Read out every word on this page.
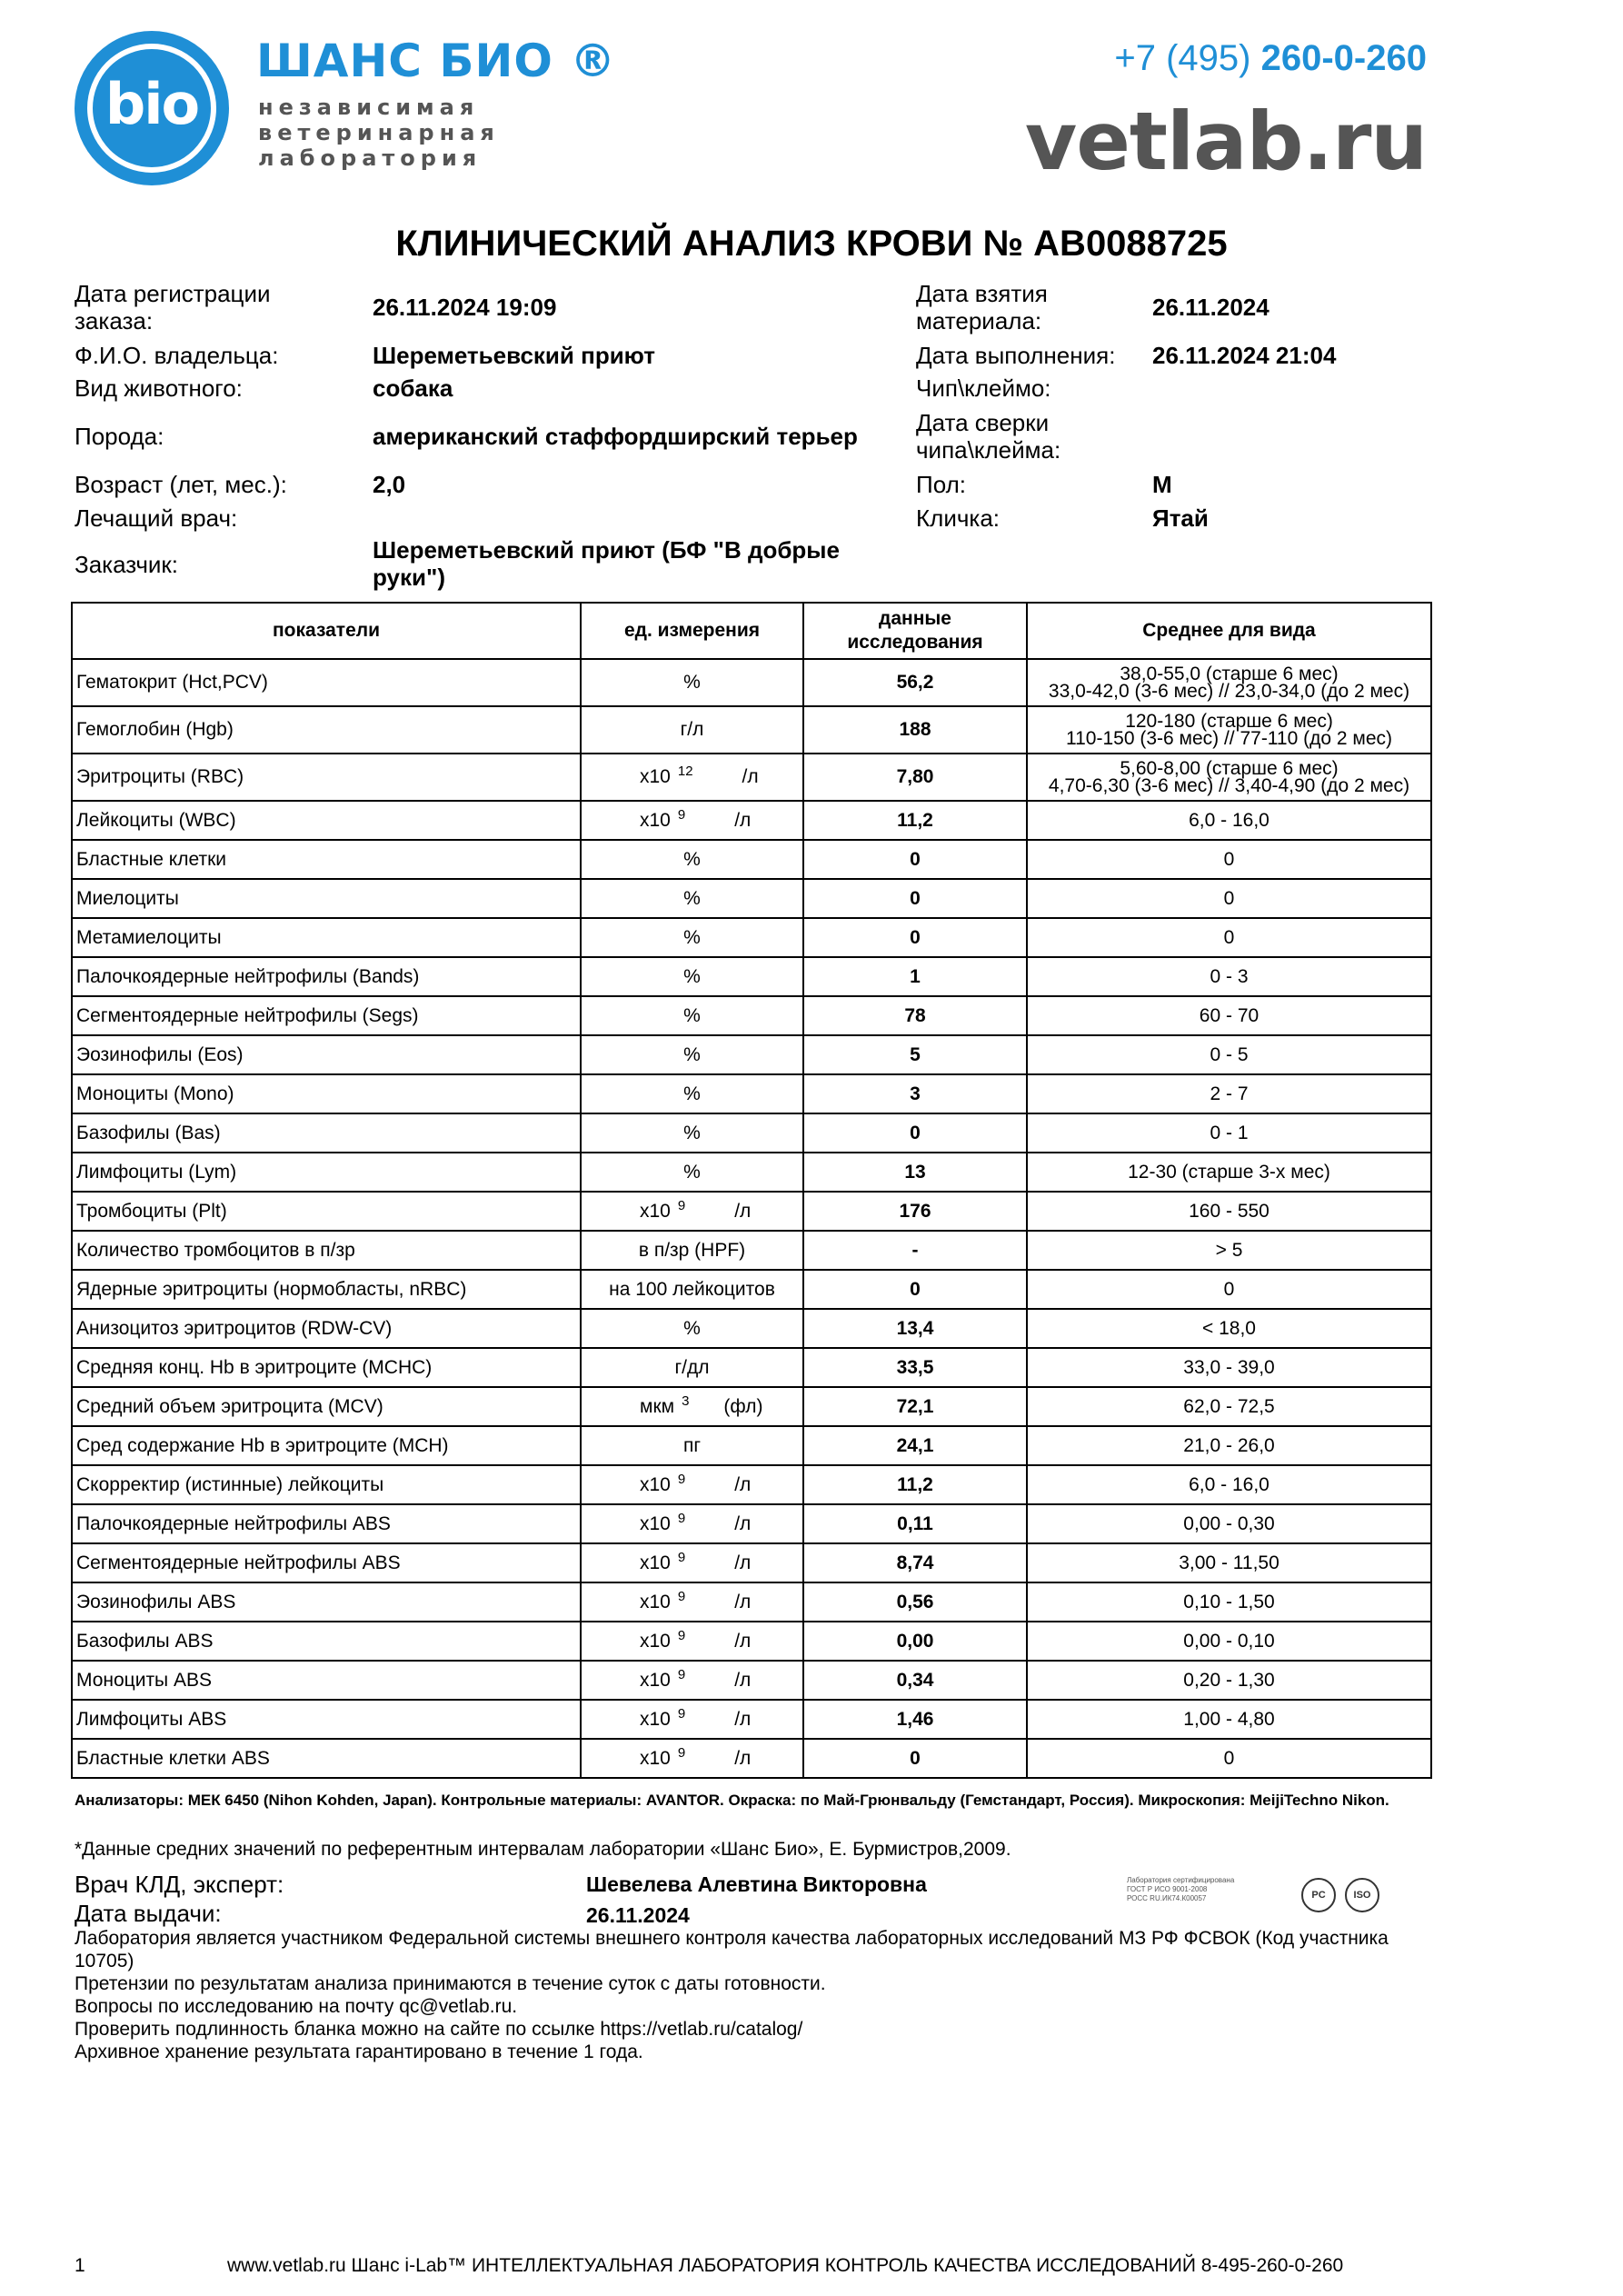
bio
ШАНС БИО ®
независимая
ветеринарная
лаборатория
+7 (495) 260-0-260
vetlab.ru
КЛИНИЧЕСКИЙ АНАЛИЗ КРОВИ № AB0088725
Дата регистрации
заказа:	26.11.2024 19:09
Ф.И.О. владельца:	Шереметьевский приют
Вид животного:	собака
Порода:	американский стаффордширский терьер
Возраст (лет, мес.):	2,0
Лечащий врач:
Заказчик:
Шереметьевский приют (БФ "В добрые
руки")
Дата взятия
материала:	26.11.2024
Дата выполнения: 26.11.2024 21:04
Чип\клеймо:
Дата сверки
чипа\клейма:
Пол:	М
Кличка:	Ятай
показатели	ед. измерения	данные
исследования	Среднее для вида
Гематокрит (Hct,PCV)	%	56,2	38,0-55,0 (старше 6 мес)
33,0-42,0 (3-6 мес) // 23,0-34,0 (до 2 мес)
Гемоглобин (Hgb)	г/л	188	120-180 (старше 6 мес)
110-150 (3-6 мес) // 77-110 (до 2 мес)
Эритроциты (RBC)	x10 $^{12}$ /л	7,80	5,60-8,00 (старше 6 мес)
4,70-6,30 (3-6 мес) // 3,40-4,90 (до 2 мес)
Лейкоциты (WBC)	x10 $^9$ /л	11,2	6,0 - 16,0
Бластные клетки	%	0	0
Миелоциты	%	0	0
Метамиелоциты	%	0	0
Палочкоядерные нейтрофилы (Bands)	%	1	0 - 3
Сегментоядерные нейтрофилы (Segs)	%	78	60 - 70
Эозинофилы (Eos)	%	5	0 - 5
Моноциты (Mono)	%	3	2 - 7
Базофилы (Bas)	%	0	0 - 1
Лимфоциты (Lym)	%	13	12-30 (старше 3-х мес)
Тромбоциты (Plt)	x10 $^9$ /л	176	160 - 550
Количество тромбоцитов в п/зр	в п/зр (HPF)	-	> 5
Ядерные эритроциты (нормобласты, nRBC)	на 100 лейкоцитов	0	0
Анизоцитоз эритроцитов (RDW-CV)	%	13,4	< 18,0
Средняя конц. Hb в эритроците (MCHC)	г/дл	33,5	33,0 - 39,0
Средний объем эритроцита (MCV)	мкм $^3$ (фл)	72,1	62,0 - 72,5
Сред содержание Hb в эритроците (MCH)	пг	24,1	21,0 - 26,0
Скорректир (истинные) лейкоциты	x10 $^9$ /л	11,2	6,0 - 16,0
Палочкоядерные нейтрофилы ABS	x10 $^9$ /л	0,11	0,00 - 0,30
Сегментоядерные нейтрофилы ABS	x10 $^9$ /л	8,74	3,00 - 11,50
Эозинофилы ABS	x10 $^9$ /л	0,56	0,10 - 1,50
Базофилы ABS	x10 $^9$ /л	0,00	0,00 - 0,10
Моноциты ABS	x10 $^9$ /л	0,34	0,20 - 1,30
Лимфоциты ABS	x10 $^9$ /л	1,46	1,00 - 4,80
Бластные клетки ABS	x10 $^9$ /л	0	0
Анализаторы: МЕК 6450 (Nihon Kohden, Japan). Контрольные материалы: AVANTOR. Окраска: по Май-Грюнвальду (Гемстандарт, Россия). Микроскопия: MeijiTechno Nikon.
*Данные средних значений по референтным интервалам лаборатории «Шанс Био», Е. Бурмистров,2009.
Врач КЛД, эксперт:	Шевелева Алевтина Викторовна
Дата выдачи:	26.11.2024
Лаборатория сертифицирована
ГОСТ Р ИСО 9001-2008
РОСС RU.ИК74.К00057	PC	ISO
Лаборатория является участником Федеральной системы внешнего контроля качества лабораторных исследований МЗ РФ ФСВОК (Код участника 10705)
Претензии по результатам анализа принимаются в течение суток с даты готовности.
Вопросы по исследованию на почту qc@vetlab.ru.
Проверить подлинность бланка можно на сайте по ссылке https://vetlab.ru/catalog/
Архивное хранение результата гарантировано в течение 1 года.
1	www.vetlab.ru Шанс i-Lab™ ИНТЕЛЛЕКТУАЛЬНАЯ ЛАБОРАТОРИЯ КОНТРОЛЬ КАЧЕСТВА ИССЛЕДОВАНИЙ 8-495-260-0-260
